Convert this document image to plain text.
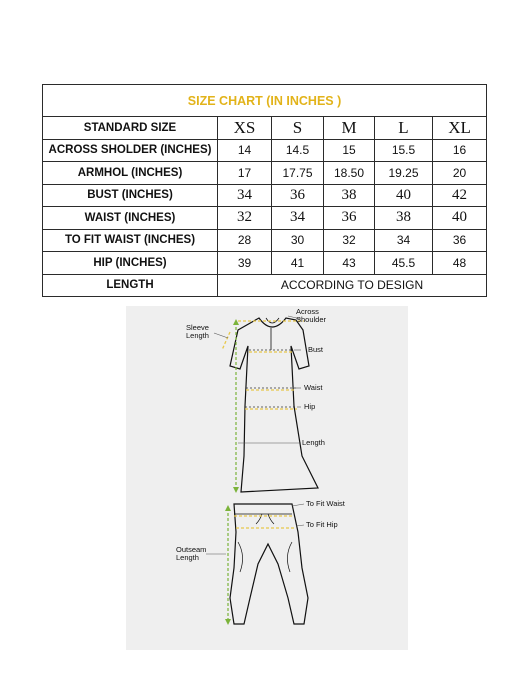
SIZE CHART (IN INCHES )					
STANDARD SIZE	XS	S	M	L	XL
ACROSS SHOLDER (INCHES)	14	14.5	15	15.5	16
ARMHOL (INCHES)	17	17.75	18.50	19.25	20
BUST (INCHES)	34	36	38	40	42
WAIST (INCHES)	32	34	36	38	40
TO FIT WAIST (INCHES)	28	30	32	34	36
HIP (INCHES)	39	41	43	45.5	48
LENGTH	ACCORDING TO DESIGN				
Across
Shoulder
Sleeve
Length
Bust
Waist
Hip
Length
To Fit Waist
To Fit Hip
Outseam
Length
